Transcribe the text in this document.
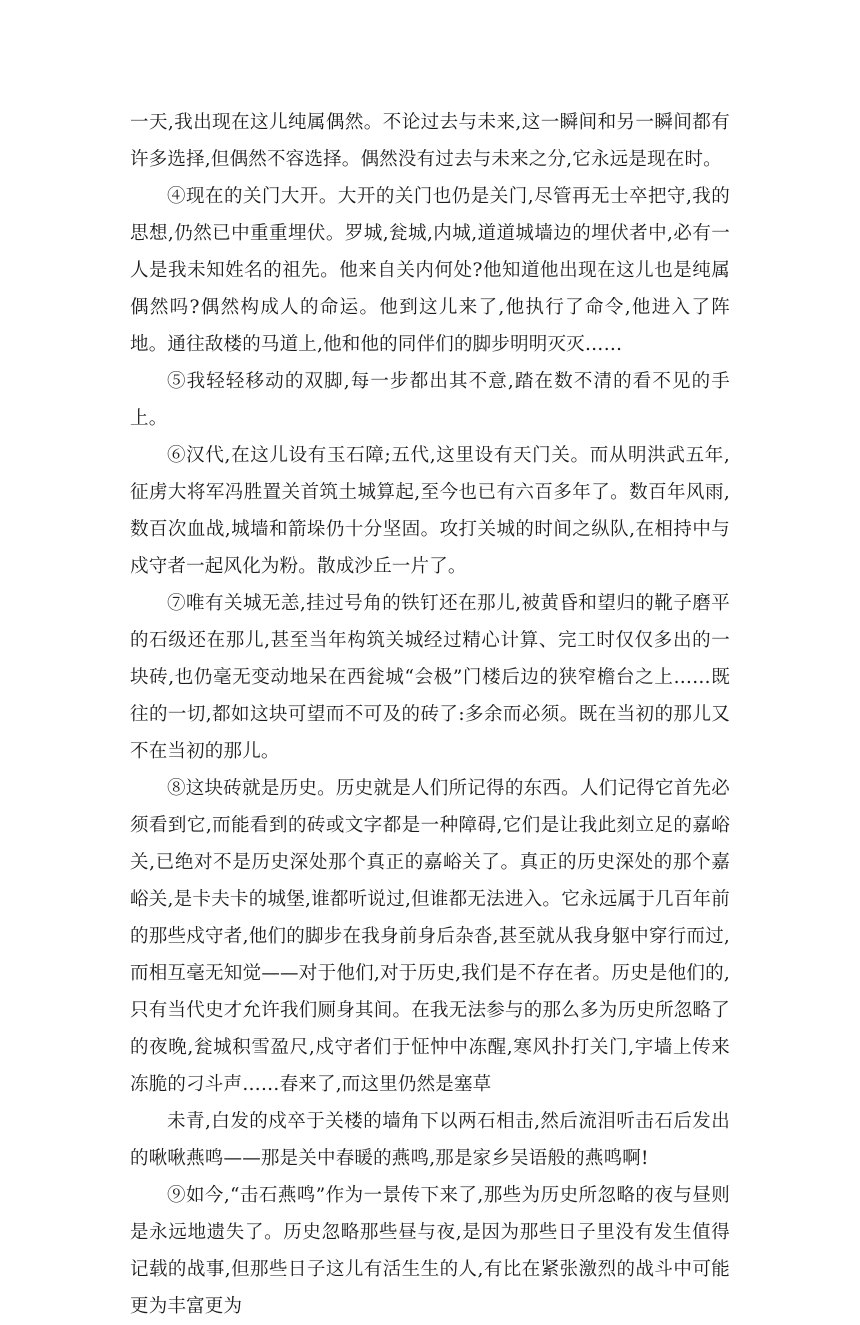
一天,我出现在这儿纯属偶然。不论过去与未来,这一瞬间和另一瞬间都有许多选择,但偶然不容选择。偶然没有过去与未来之分,它永远是现在时。

④现在的关门大开。大开的关门也仍是关门,尽管再无士卒把守,我的思想,仍然已中重重埋伏。罗城,瓮城,内城,道道城墙边的埋伏者中,必有一人是我未知姓名的祖先。他来自关内何处?他知道他出现在这儿也是纯属偶然吗?偶然构成人的命运。他到这儿来了,他执行了命令,他进入了阵地。通往敌楼的马道上,他和他的同伴们的脚步明明灭灭……

⑤我轻轻移动的双脚,每一步都出其不意,踏在数不清的看不见的手上。

⑥汉代,在这儿设有玉石障;五代,这里设有天门关。而从明洪武五年,征虏大将军冯胜置关首筑土城算起,至今也已有六百多年了。数百年风雨,数百次血战,城墙和箭垛仍十分坚固。攻打关城的时间之纵队,在相持中与戍守者一起风化为粉。散成沙丘一片了。

⑦唯有关城无恙,挂过号角的铁钉还在那儿,被黄昏和望归的靴子磨平的石级还在那儿,甚至当年构筑关城经过精心计算、完工时仅仅多出的一块砖,也仍毫无变动地呆在西瓮城“会极”门楼后边的狭窄檐台之上……既往的一切,都如这块可望而不可及的砖了:多余而必须。既在当初的那儿又不在当初的那儿。

⑧这块砖就是历史。历史就是人们所记得的东西。人们记得它首先必须看到它,而能看到的砖或文字都是一种障碍,它们是让我此刻立足的嘉峪关,已绝对不是历史深处那个真正的嘉峪关了。真正的历史深处的那个嘉峪关,是卡夫卡的城堡,谁都听说过,但谁都无法进入。它永远属于几百年前的那些戍守者,他们的脚步在我身前身后杂沓,甚至就从我身躯中穿行而过,而相互毫无知觉——对于他们,对于历史,我们是不存在者。历史是他们的,只有当代史才允许我们厕身其间。在我无法参与的那么多为历史所忽略了的夜晚,瓮城积雪盈尺,戍守者们于怔忡中冻醒,寒风扑打关门,宇墙上传来冻脆的刁斗声……春来了,而这里仍然是塞草

未青,白发的戍卒于关楼的墙角下以两石相击,然后流泪听击石后发出的啾啾燕鸣——那是关中春暖的燕鸣,那是家乡吴语般的燕鸣啊!

⑨如今,“击石燕鸣”作为一景传下来了,那些为历史所忽略的夜与昼则是永远地遗失了。历史忽略那些昼与夜,是因为那些日子里没有发生值得记载的战事,但那些日子这儿有活生生的人,有比在紧张激烈的战斗中可能更为丰富更为
